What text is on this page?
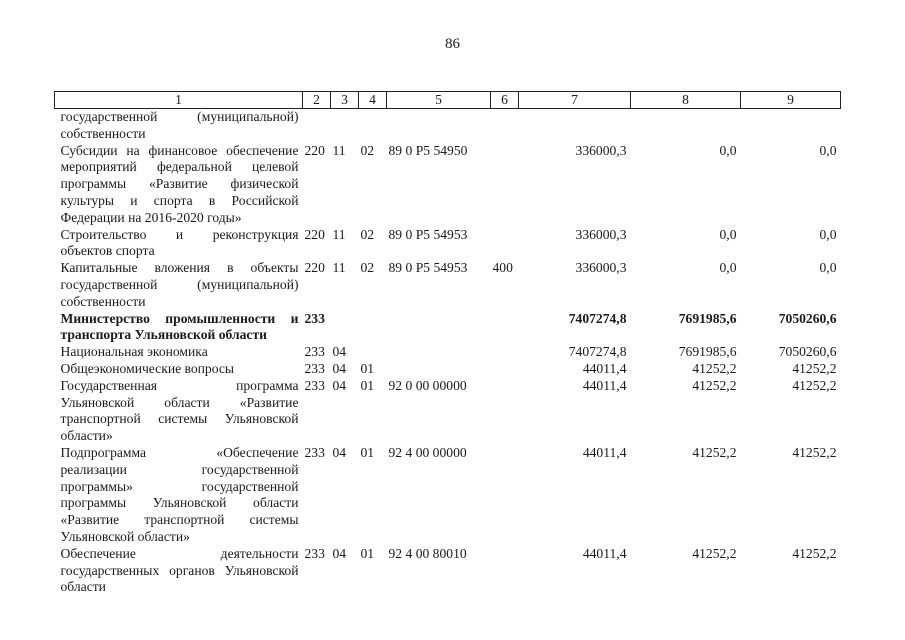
86
1	2	3	4	5	6	7	8	9
государственной (муниципальной) собственности								
Субсидии на финансовое обеспечение мероприятий федеральной целевой программы «Развитие физической культуры и спорта в Российской Федерации на 2016-2020 годы»	220	11	02	89 0 P5 54950		336000,3	0,0	0,0
Строительство и реконструкция объектов спорта	220	11	02	89 0 P5 54953		336000,3	0,0	0,0
Капитальные вложения в объекты государственной (муниципальной) собственности	220	11	02	89 0 P5 54953	400	336000,3	0,0	0,0
Министерство промышленности и транспорта Ульяновской области	233					7407274,8	7691985,6	7050260,6
Национальная экономика	233	04				7407274,8	7691985,6	7050260,6
Общеэкономические вопросы	233	04	01			44011,4	41252,2	41252,2
Государственная программа Ульяновской области «Развитие транспортной системы Ульяновской области»	233	04	01	92 0 00 00000		44011,4	41252,2	41252,2
Подпрограмма «Обеспечение реализации государственной программы» государственной программы Ульяновской области «Развитие транспортной системы Ульяновской области»	233	04	01	92 4 00 00000		44011,4	41252,2	41252,2
Обеспечение деятельности государственных органов Ульяновской области	233	04	01	92 4 00 80010		44011,4	41252,2	41252,2
